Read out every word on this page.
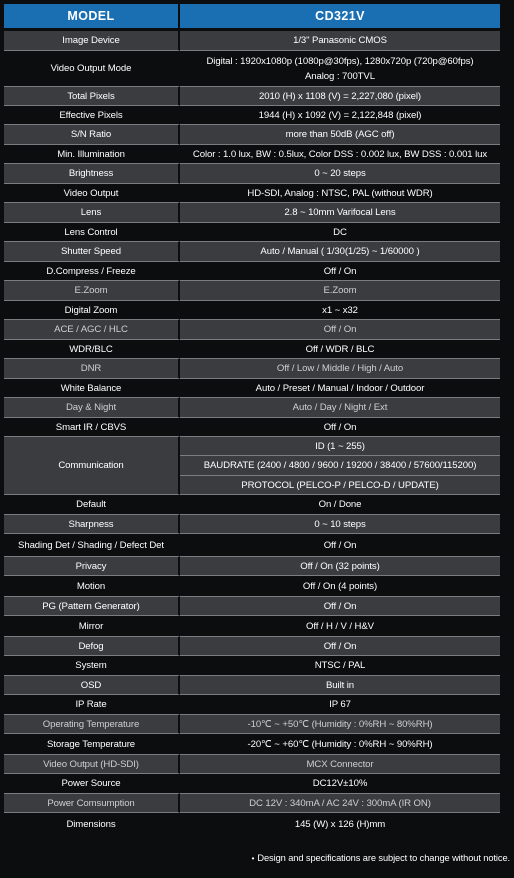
MODEL	CD321V
Image Device	1/3" Panasonic CMOS
Video Output Mode	Digital : 1920x1080p (1080p@30fps), 1280x720p (720p@60fps)
Analog : 700TVL

Total Pixels	2010 (H) x 1108 (V) = 2,227,080 (pixel)
Effective Pixels	1944 (H) x 1092 (V) = 2,122,848 (pixel)
S/N Ratio	more than 50dB (AGC off)
Min. Illumination	Color : 1.0 lux, BW : 0.5lux, Color DSS : 0.002 lux, BW DSS : 0.001 lux
Brightness	0 ~ 20 steps
Video Output	HD-SDI, Analog : NTSC, PAL (without WDR)
Lens	2.8 ~ 10mm Varifocal Lens
Lens Control	DC
Shutter Speed	Auto / Manual ( 1/30(1/25) ~ 1/60000 )
D.Compress / Freeze	Off / On
E.Zoom	E.Zoom
Digital Zoom	x1 ~ x32
ACE / AGC / HLC	Off / On
WDR/BLC	Off / WDR / BLC
DNR	Off / Low / Middle / High / Auto
White Balance	Auto / Preset / Manual / Indoor / Outdoor
Day & Night	Auto / Day / Night / Ext
Smart IR / CBVS	Off / On
Communication	ID (1 ~ 255)
	BAUDRATE (2400 / 4800 / 9600 / 19200 / 38400 / 57600/115200)
	PROTOCOL (PELCO-P / PELCO-D / UPDATE)
Default	On / Done
Sharpness	0 ~ 10 steps
Shading Det / Shading / Defect Det	Off / On
Privacy	Off / On (32 points)
Motion	Off / On (4 points)
PG (Pattern Generator)	Off / On
Mirror	Off / H / V / H&V
Defog	Off / On
System	NTSC / PAL
OSD	Built in
IP Rate	IP 67
Operating Temperature	-10℃ ~ +50℃ (Humidity : 0%RH ~ 80%RH)
Storage Temperature	-20℃ ~ +60℃ (Humidity : 0%RH ~ 90%RH)
Video Output (HD-SDI)	MCX Connector
Power Source	DC12V±10%
Power Comsumption	DC 12V : 340mA / AC 24V : 300mA (IR ON)
Dimensions	145 (W) x 126 (H)mm
• Design and specifications are subject to change without notice.
